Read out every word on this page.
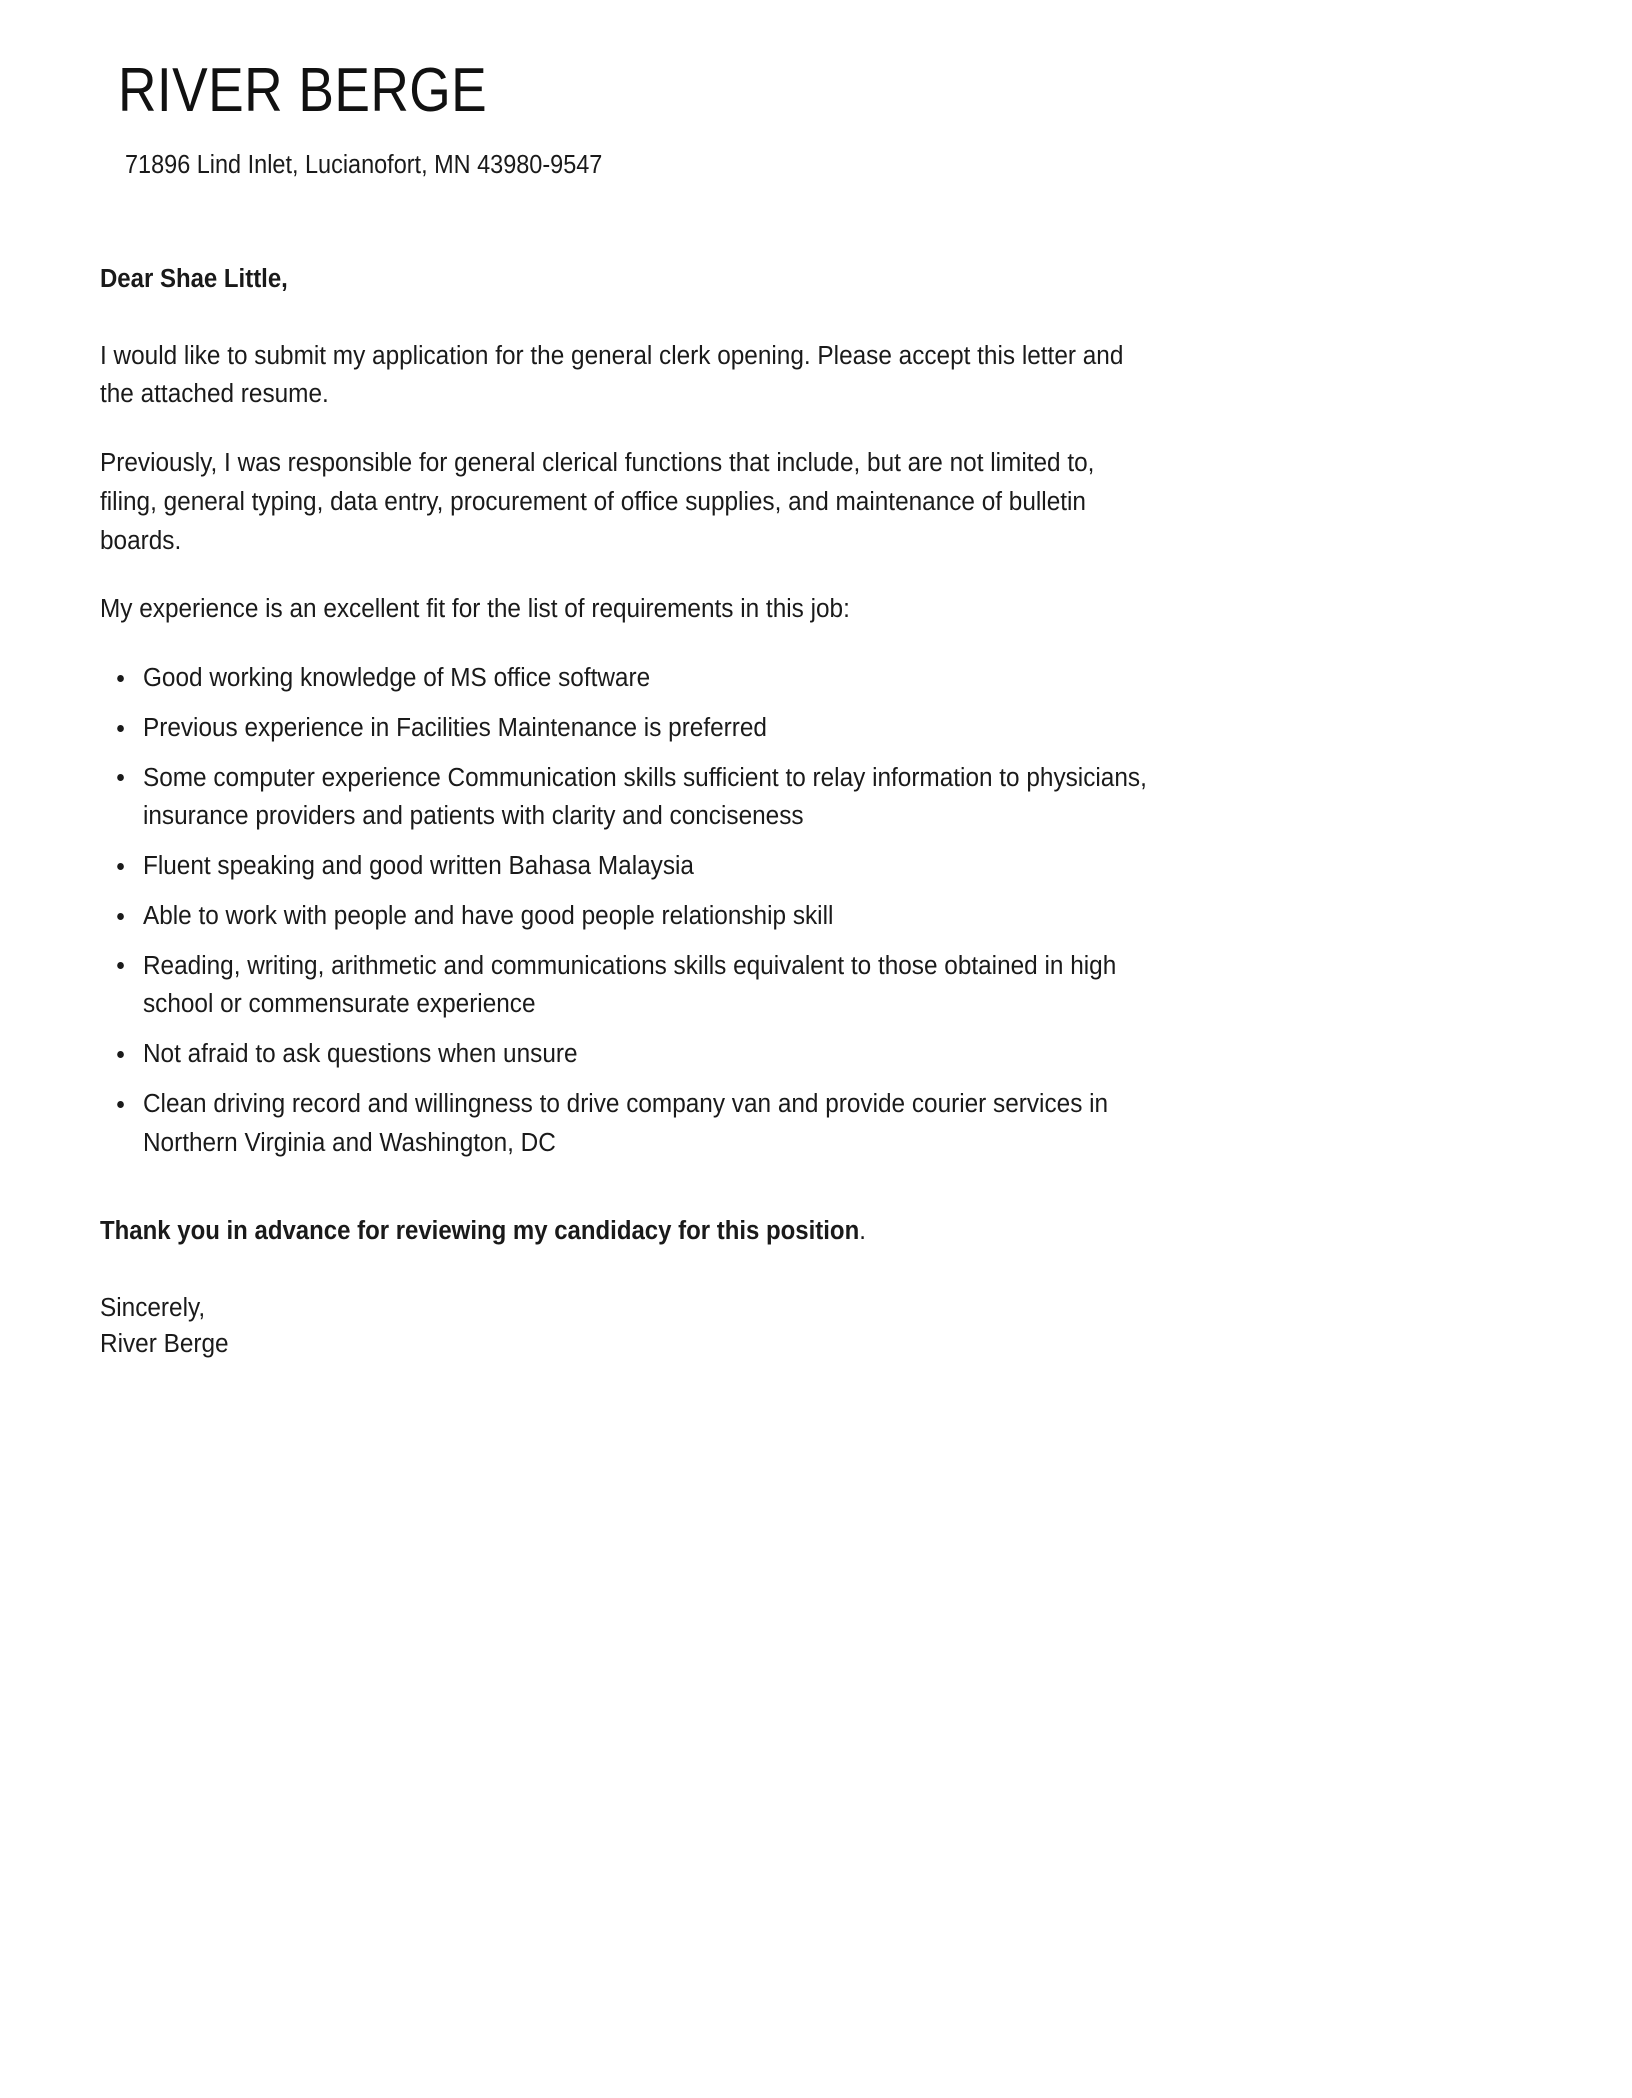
RIVER BERGE
71896 Lind Inlet, Lucianofort, MN 43980-9547

Dear Shae Little,

I would like to submit my application for the general clerk opening. Please accept this letter and the attached resume.

Previously, I was responsible for general clerical functions that include, but are not limited to, filing, general typing, data entry, procurement of office supplies, and maintenance of bulletin boards.

My experience is an excellent fit for the list of requirements in this job:

Good working knowledge of MS office software
Previous experience in Facilities Maintenance is preferred
Some computer experience Communication skills sufficient to relay information to physicians, insurance providers and patients with clarity and conciseness
Fluent speaking and good written Bahasa Malaysia
Able to work with people and have good people relationship skill
Reading, writing, arithmetic and communications skills equivalent to those obtained in high school or commensurate experience
Not afraid to ask questions when unsure
Clean driving record and willingness to drive company van and provide courier services in Northern Virginia and Washington, DC

Thank you in advance for reviewing my candidacy for this position.

Sincerely,
River Berge
